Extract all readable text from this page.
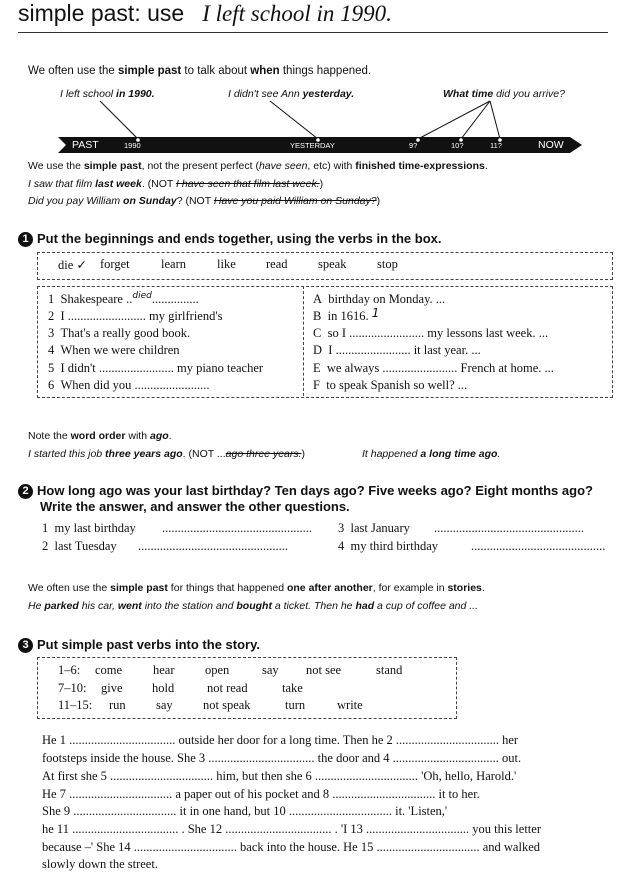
simple past: use I left school in 1990.
We often use the simple past to talk about when things happened.
I left school in 1990.	I didn't see Ann yesterday.	What time did you arrive?
PAST	1990	YESTERDAY	9?	10?	11?	NOW
We use the simple past, not the present perfect (have seen, etc) with finished time-expressions.
I saw that film last week. (NOT I have seen that film last week.)
Did you pay William on Sunday? (NOT Have you paid William on Sunday?)
1 Put the beginnings and ends together, using the verbs in the box.
die ✓ forget	learn like read speak stop
1 Shakespeare ..$^{died}$...............
2 I ......................... my girlfriend's
3 That's a really good book.
4 When we were children
5 I didn't ........................ my piano teacher
6 When did you ........................
A birthday on Monday. ...
B in 1616. 1
C so I ........................ my lessons last week. ...
D I ........................ it last year. ...
E we always ........................ French at home. ...
F to speak Spanish so well? ...
Note the word order with ago.
I started this job three years ago. (NOT ...ago three years.)	It happened a long time ago.
2 How long ago was your last birthday? Ten days ago? Five weeks ago? Eight months ago?
Write the answer, and answer the other questions.
1 my last birthday ................................................
2 last Tuesday ................................................
3 last January ................................................
4 my third birthday	...........................................
We often use the simple past for things that happened one after another, for example in stories.
He parked his car, went into the station and bought a ticket. Then he had a cup of coffee and ...
3 Put simple past verbs into the story.
1–6: come hear open	say not see	stand
7–10: give hold	not read	take
11–15: run say not speak	turn	write
He 1 .................................. outside her door for a long time. Then he 2 ................................. her
footsteps inside the house. She 3 .................................. the door and 4 .................................. out.
At first she 5 ................................. him, but then she 6 ................................. 'Oh, hello, Harold.'
He 7 ................................. a paper out of his pocket and 8 ................................. it to her.
She 9 ................................. it in one hand, but 10 ................................. it. 'Listen,'
he 11 .................................. . She 12 .................................. . 'I 13 ................................. you this letter
because –' She 14 ................................. back into the house. He 15 ................................. and walked
slowly down the street.
